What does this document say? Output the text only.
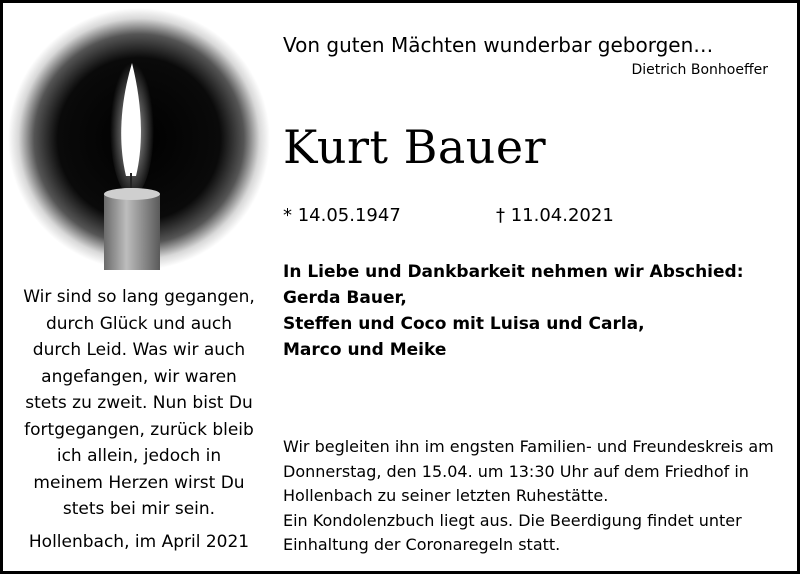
Wir sind so lang gegangen,
durch Glück und auch
durch Leid. Was wir auch
angefangen, wir waren
stets zu zweit. Nun bist Du
fortgegangen, zurück bleib
ich allein, jedoch in
meinem Herzen wirst Du
stets bei mir sein.
Hollenbach, im April 2021
Von guten Mächten wunderbar geborgen…
Dietrich Bonhoeffer
Kurt Bauer
* 14.05.1947	† 11.04.2021
In Liebe und Dankbarkeit nehmen wir Abschied:
Gerda Bauer,
Steffen und Coco mit Luisa und Carla,
Marco und Meike
Wir begleiten ihn im engsten Familien- und Freundeskreis am
Donnerstag, den 15.04. um 13:30 Uhr auf dem Friedhof in
Hollenbach zu seiner letzten Ruhestätte.
Ein Kondolenzbuch liegt aus. Die Beerdigung findet unter
Einhaltung der Coronaregeln statt.
